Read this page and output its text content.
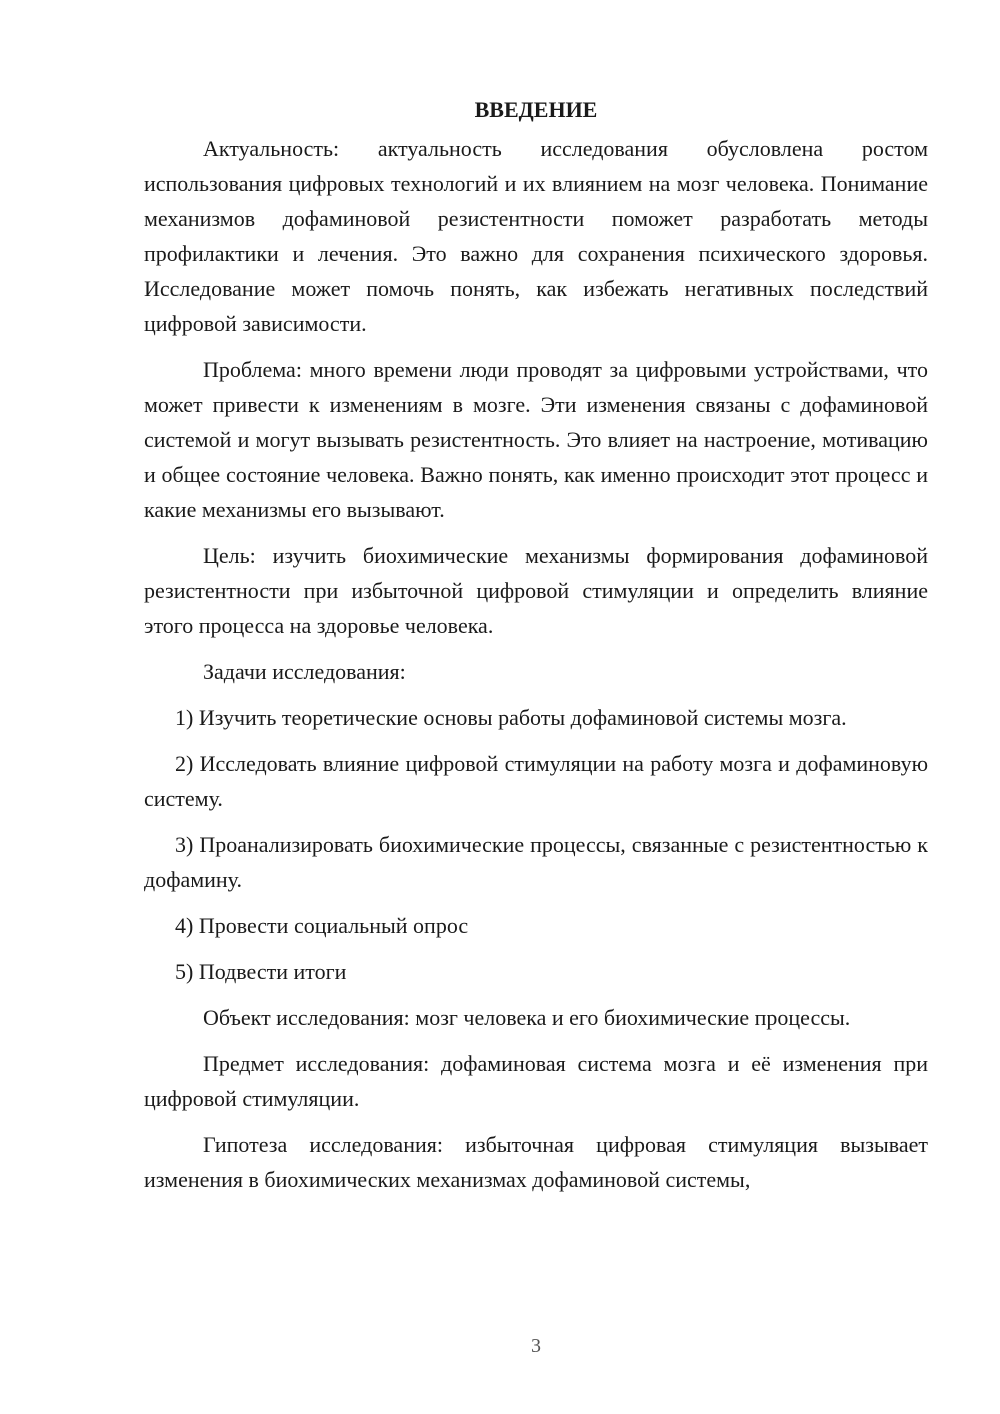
ВВЕДЕНИЕ

Актуальность: актуальность исследования обусловлена ростом использования цифровых технологий и их влиянием на мозг человека. Понимание механизмов дофаминовой резистентности поможет разработать методы профилактики и лечения. Это важно для сохранения психического здоровья. Исследование может помочь понять, как избежать негативных последствий цифровой зависимости.

Проблема: много времени люди проводят за цифровыми устройствами, что может привести к изменениям в мозге. Эти изменения связаны с дофаминовой системой и могут вызывать резистентность. Это влияет на настроение, мотивацию и общее состояние человека. Важно понять, как именно происходит этот процесс и какие механизмы его вызывают.

Цель: изучить биохимические механизмы формирования дофаминовой резистентности при избыточной цифровой стимуляции и определить влияние этого процесса на здоровье человека.

Задачи исследования:

1) Изучить теоретические основы работы дофаминовой системы мозга.

2) Исследовать влияние цифровой стимуляции на работу мозга и дофаминовую систему.

3) Проанализировать биохимические процессы, связанные с резистентностью к дофамину.

4) Провести социальный опрос

5) Подвести итоги

Объект исследования: мозг человека и его биохимические процессы.

Предмет исследования: дофаминовая система мозга и её изменения при цифровой стимуляции.

Гипотеза исследования: избыточная цифровая стимуляция вызывает изменения в биохимических механизмах дофаминовой системы,

3
